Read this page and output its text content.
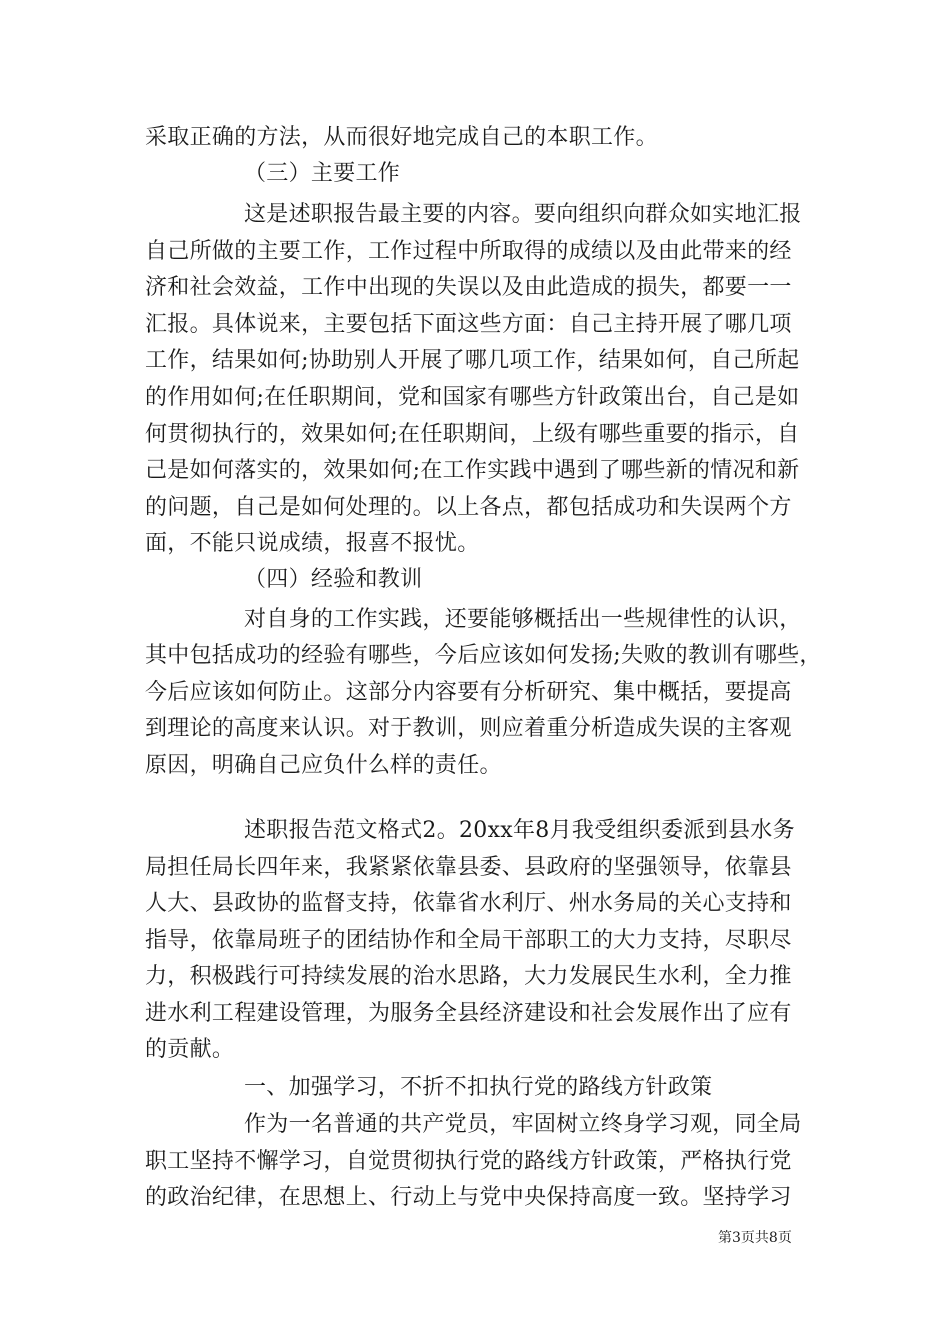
采取正确的方法，从而很好地完成自己的本职工作。
（三）主要工作
这是述职报告最主要的内容。要向组织向群众如实地汇报
自己所做的主要工作，工作过程中所取得的成绩以及由此带来的经
济和社会效益，工作中出现的失误以及由此造成的损失，都要一一
汇报。具体说来，主要包括下面这些方面：自己主持开展了哪几项
工作，结果如何;协助别人开展了哪几项工作，结果如何，自己所起
的作用如何;在任职期间，党和国家有哪些方针政策出台，自己是如
何贯彻执行的，效果如何;在任职期间，上级有哪些重要的指示，自
己是如何落实的，效果如何;在工作实践中遇到了哪些新的情况和新
的问题，自己是如何处理的。以上各点，都包括成功和失误两个方
面，不能只说成绩，报喜不报忧。
（四）经验和教训
对自身的工作实践，还要能够概括出一些规律性的认识，
其中包括成功的经验有哪些，今后应该如何发扬;失败的教训有哪些，
今后应该如何防止。这部分内容要有分析研究、集中概括，要提高
到理论的高度来认识。对于教训，则应着重分析造成失误的主客观
原因，明确自己应负什么样的责任。
述职报告范文格式2。20xx年8月我受组织委派到县水务
局担任局长四年来，我紧紧依靠县委、县政府的坚强领导，依靠县
人大、县政协的监督支持，依靠省水利厅、州水务局的关心支持和
指导，依靠局班子的团结协作和全局干部职工的大力支持，尽职尽
力，积极践行可持续发展的治水思路，大力发展民生水利，全力推
进水利工程建设管理，为服务全县经济建设和社会发展作出了应有
的贡献。
一、加强学习，不折不扣执行党的路线方针政策
作为一名普通的共产党员，牢固树立终身学习观，同全局
职工坚持不懈学习，自觉贯彻执行党的路线方针政策，严格执行党
的政治纪律，在思想上、行动上与党中央保持高度一致。坚持学习
第3页共8页
